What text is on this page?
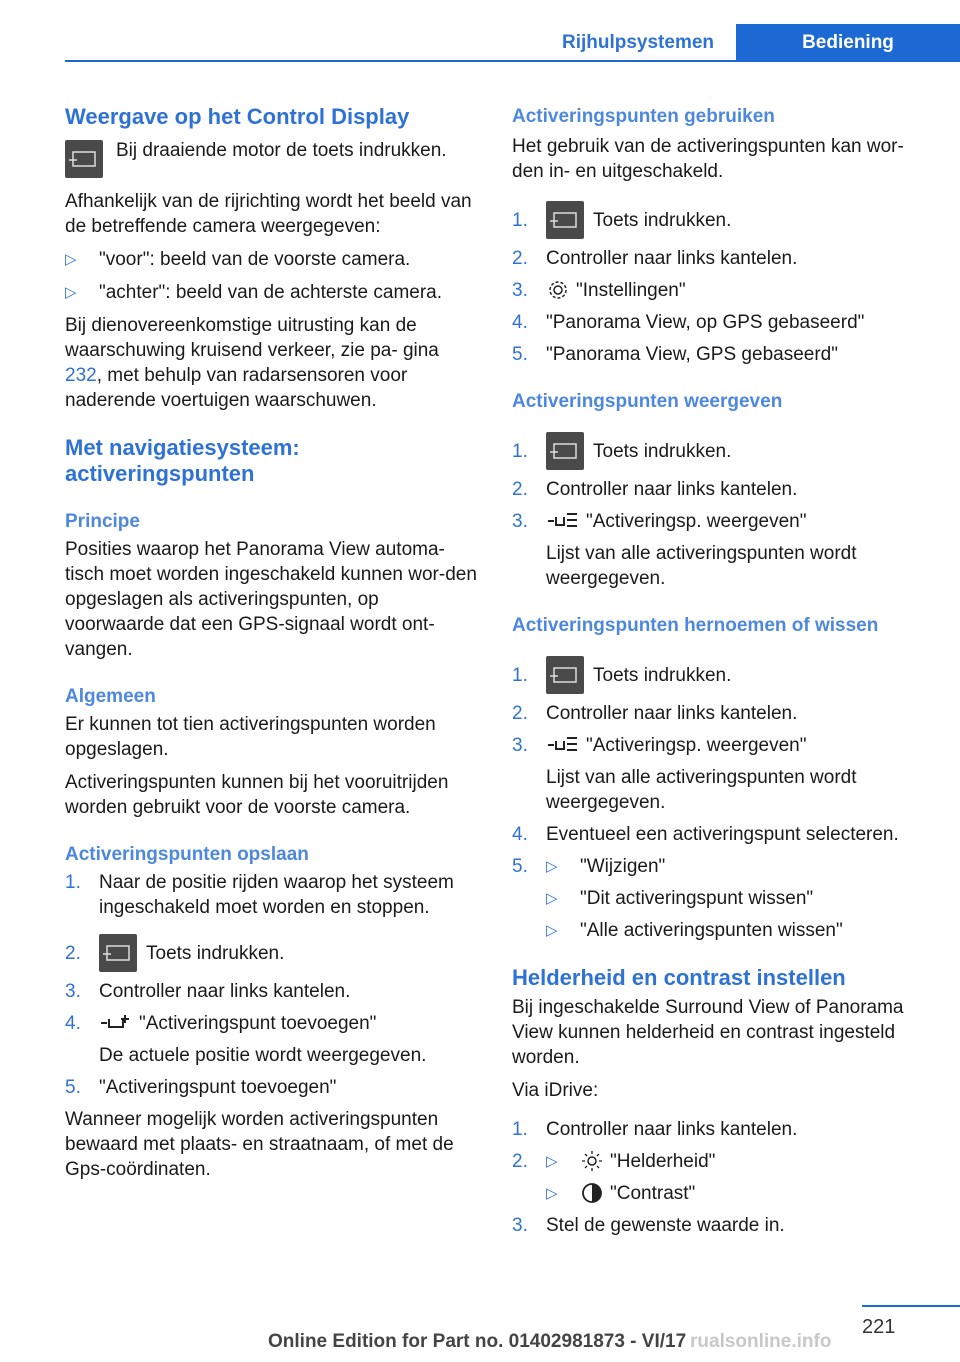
Rijhulpsystemen	Bediening
Weergave op het Control Display
Bij draaiende motor de toets indrukken.
Afhankelijk van de rijrichting wordt het beeld van de betreffende camera weergegeven:
▷	"voor": beeld van de voorste camera.
▷	"achter": beeld van de achterste camera.
Bij dienovereenkomstige uitrusting kan de waarschuwing kruisend verkeer, zie pa- gina 232, met behulp van radarsensoren voor naderende voertuigen waarschuwen.
Met navigatiesysteem: activeringspunten
Principe
Posities waarop het Panorama View automa-tisch moet worden ingeschakeld kunnen wor-den opgeslagen als activeringspunten, op voorwaarde dat een GPS-signaal wordt ont-vangen.
Algemeen
Er kunnen tot tien activeringspunten worden opgeslagen.
Activeringspunten kunnen bij het vooruitrijden worden gebruikt voor de voorste camera.
Activeringspunten opslaan
1. Naar de positie rijden waarop het systeem ingeschakeld moet worden en stoppen.
2.	Toets indrukken.
3. Controller naar links kantelen.
4.	"Activeringspunt toevoegen"
De actuele positie wordt weergegeven.
5. "Activeringspunt toevoegen"
Wanneer mogelijk worden activeringspunten bewaard met plaats- en straatnaam, of met de Gps-coördinaten.
Activeringspunten gebruiken
Het gebruik van de activeringspunten kan wor-den in- en uitgeschakeld.
1.	Toets indrukken.
2. Controller naar links kantelen.
3.	"Instellingen"
4. "Panorama View, op GPS gebaseerd"
5. "Panorama View, GPS gebaseerd"
Activeringspunten weergeven
1.	Toets indrukken.
2. Controller naar links kantelen.
3.	"Activeringsp. weergeven"
Lijst van alle activeringspunten wordt weergegeven.
Activeringspunten hernoemen of wissen
1.	Toets indrukken.
2. Controller naar links kantelen.
3.	"Activeringsp. weergeven"
Lijst van alle activeringspunten wordt weergegeven.
4. Eventueel een activeringspunt selecteren.
5.	▷	"Wijzigen"
▷	"Dit activeringspunt wissen"
▷	"Alle activeringspunten wissen"
Helderheid en contrast instellen
Bij ingeschakelde Surround View of Panorama View kunnen helderheid en contrast ingesteld worden.
Via iDrive:
1. Controller naar links kantelen.
2.	▷	"Helderheid"
▷	"Contrast"
3. Stel de gewenste waarde in.
221
Online Edition for Part no. 01402981873 - VI/17 rualsonline.info
